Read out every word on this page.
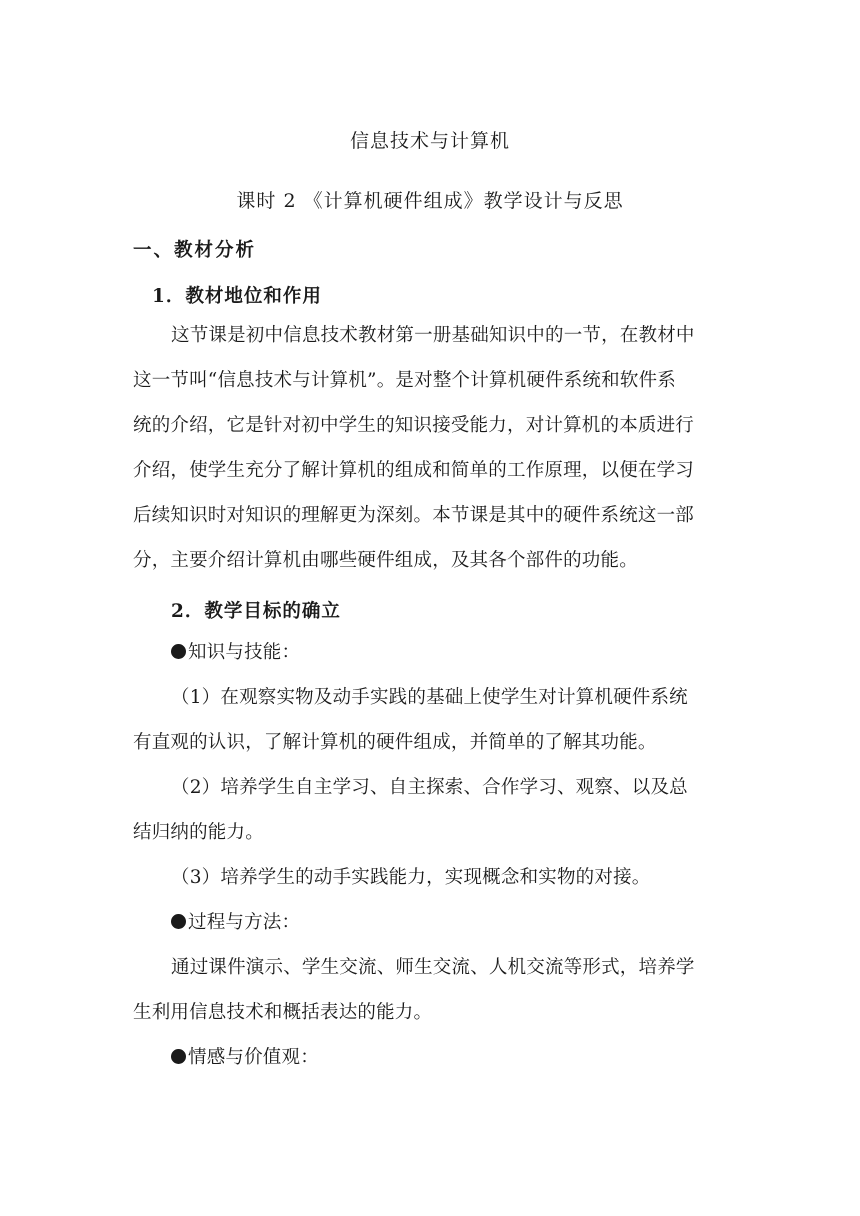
信息技术与计算机
课时 2 《计算机硬件组成》教学设计与反思
一、教材分析
1．教材地位和作用
这节课是初中信息技术教材第一册基础知识中的一节，在教材中
这一节叫“信息技术与计算机”。是对整个计算机硬件系统和软件系
统的介绍，它是针对初中学生的知识接受能力，对计算机的本质进行
介绍，使学生充分了解计算机的组成和简单的工作原理，以便在学习
后续知识时对知识的理解更为深刻。本节课是其中的硬件系统这一部
分，主要介绍计算机由哪些硬件组成，及其各个部件的功能。
2．教学目标的确立
知识与技能：
（1）在观察实物及动手实践的基础上使学生对计算机硬件系统
有直观的认识，了解计算机的硬件组成，并简单的了解其功能。
（2）培养学生自主学习、自主探索、合作学习、观察、以及总
结归纳的能力。
（3）培养学生的动手实践能力，实现概念和实物的对接。
过程与方法：
通过课件演示、学生交流、师生交流、人机交流等形式，培养学
生利用信息技术和概括表达的能力。
情感与价值观：
